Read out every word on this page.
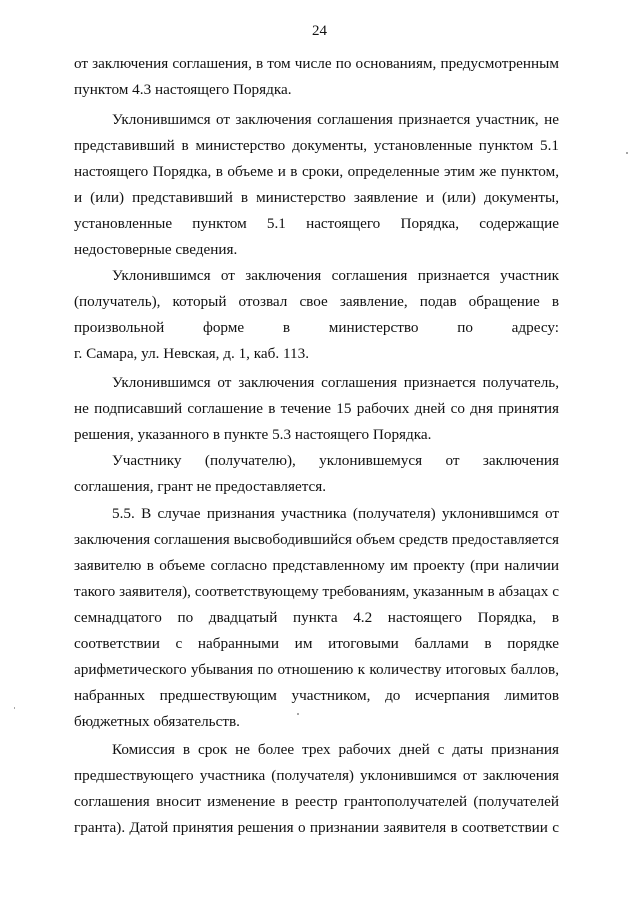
24
от заключения соглашения, в том числе по основаниям, предусмотренным
пунктом 4.3 настоящего Порядка.
Уклонившимся от заключения соглашения признается участник, не
представивший в министерство документы, установленные пунктом 5.1
настоящего Порядка, в объеме и в сроки, определенные этим же пунктом,
и (или) представивший в министерство заявление и (или) документы,
установленные пунктом 5.1 настоящего Порядка, содержащие
недостоверные сведения.
Уклонившимся от заключения соглашения признается участник
(получатель), который отозвал свое заявление, подав обращение в
произвольной форме в министерство по адресу:
г. Самара, ул. Невская, д. 1, каб. 113.
Уклонившимся от заключения соглашения признается получатель,
не подписавший соглашение в течение 15 рабочих дней со дня принятия
решения, указанного в пункте 5.3 настоящего Порядка.
Участнику (получателю), уклонившемуся от заключения
соглашения, грант не предоставляется.
5.5. В случае признания участника (получателя) уклонившимся от
заключения соглашения высвободившийся объем средств предоставляется
заявителю в объеме согласно представленному им проекту (при наличии
такого заявителя), соответствующему требованиям, указанным в абзацах с
семнадцатого по двадцатый пункта 4.2 настоящего Порядка, в
соответствии с набранными им итоговыми баллами в порядке
арифметического убывания по отношению к количеству итоговых баллов,
набранных предшествующим участником, до исчерпания лимитов
бюджетных обязательств.
Комиссия в срок не более трех рабочих дней с даты признания
предшествующего участника (получателя) уклонившимся от заключения
соглашения вносит изменение в реестр грантополучателей (получателей
гранта). Датой принятия решения о признании заявителя в соответствии с
